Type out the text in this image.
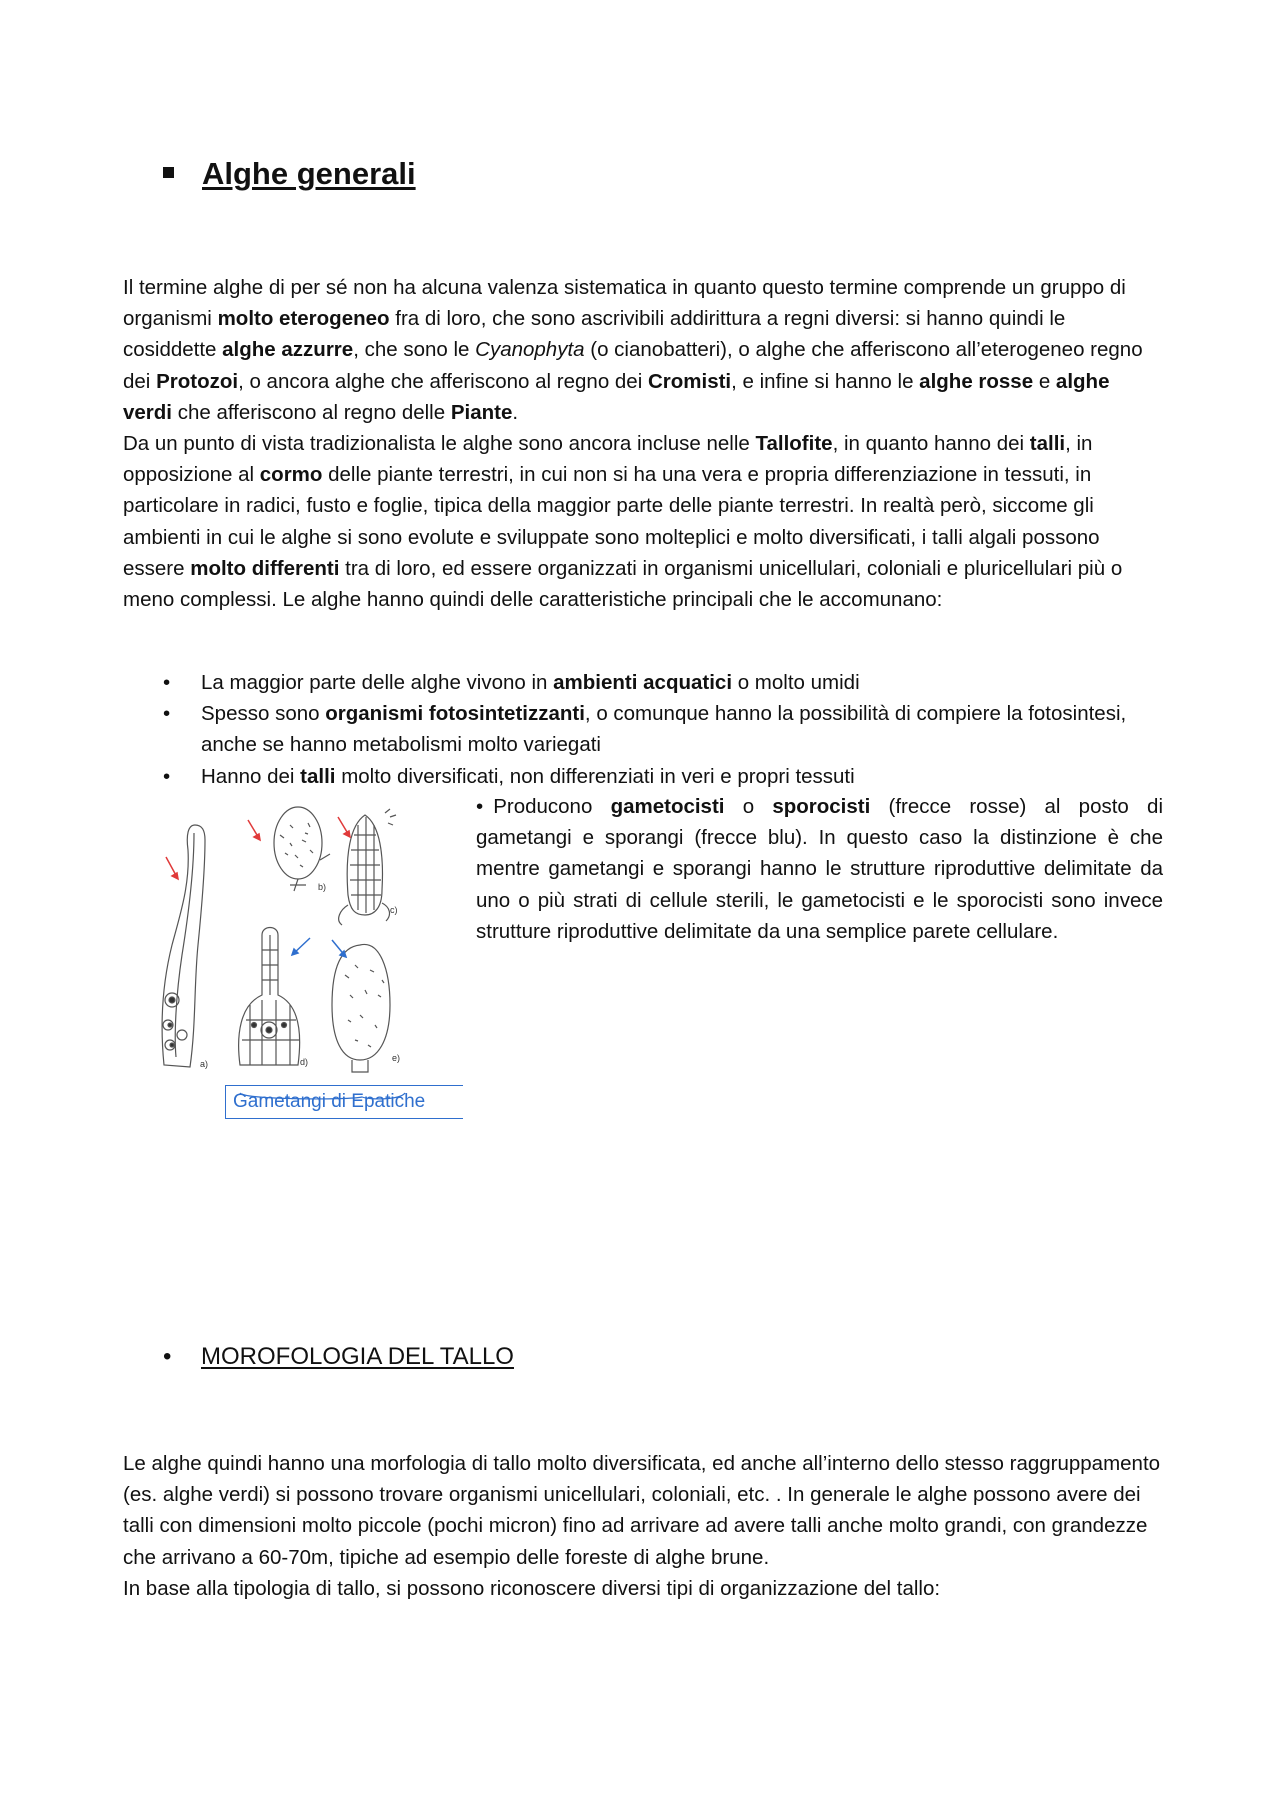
Alghe generali

Il termine alghe di per sé non ha alcuna valenza sistematica in quanto questo termine comprende un gruppo di organismi molto eterogeneo fra di loro, che sono ascrivibili addirittura a regni diversi: si hanno quindi le cosiddette alghe azzurre, che sono le Cyanophyta (o cianobatteri), o alghe che afferiscono all’eterogeneo regno dei Protozoi, o ancora alghe che afferiscono al regno dei Cromisti, e infine si hanno le alghe rosse e alghe verdi che afferiscono al regno delle Piante.

Da un punto di vista tradizionalista le alghe sono ancora incluse nelle Tallofite, in quanto hanno dei talli, in opposizione al cormo delle piante terrestri, in cui non si ha una vera e propria differenziazione in tessuti, in particolare in radici, fusto e foglie, tipica della maggior parte delle piante terrestri. In realtà però, siccome gli ambienti in cui le alghe si sono evolute e sviluppate sono molteplici e molto diversificati, i talli algali possono essere molto differenti tra di loro, ed essere organizzati in organismi unicellulari, coloniali e pluricellulari più o meno complessi. Le alghe hanno quindi delle caratteristiche principali che le accomunano:

• La maggior parte delle alghe vivono in ambienti acquatici o molto umidi
• Spesso sono organismi fotosintetizzanti, o comunque hanno la possibilità di compiere la fotosintesi, anche se hanno metabolismi molto variegati
• Hanno dei talli molto diversificati, non differenziati in veri e propri tessuti
a)
b)
c)
d)	e)
Gametangi di Epatiche

• Producono gametocisti o sporocisti (frecce rosse) al posto di gametangi e sporangi (frecce blu). In questo caso la distinzione è che mentre gametangi e sporangi hanno le strutture riproduttive delimitate da uno o più strati di cellule sterili, le gametocisti e le sporocisti sono invece strutture riproduttive delimitate da una semplice parete cellulare.

• MOROFOLOGIA DEL TALLO

Le alghe quindi hanno una morfologia di tallo molto diversificata, ed anche all’interno dello stesso raggruppamento (es. alghe verdi) si possono trovare organismi unicellulari, coloniali, etc. . In generale le alghe possono avere dei talli con dimensioni molto piccole (pochi micron) fino ad arrivare ad avere talli anche molto grandi, con grandezze che arrivano a 60-70m, tipiche ad esempio delle foreste di alghe brune.

In base alla tipologia di tallo, si possono riconoscere diversi tipi di organizzazione del tallo:
